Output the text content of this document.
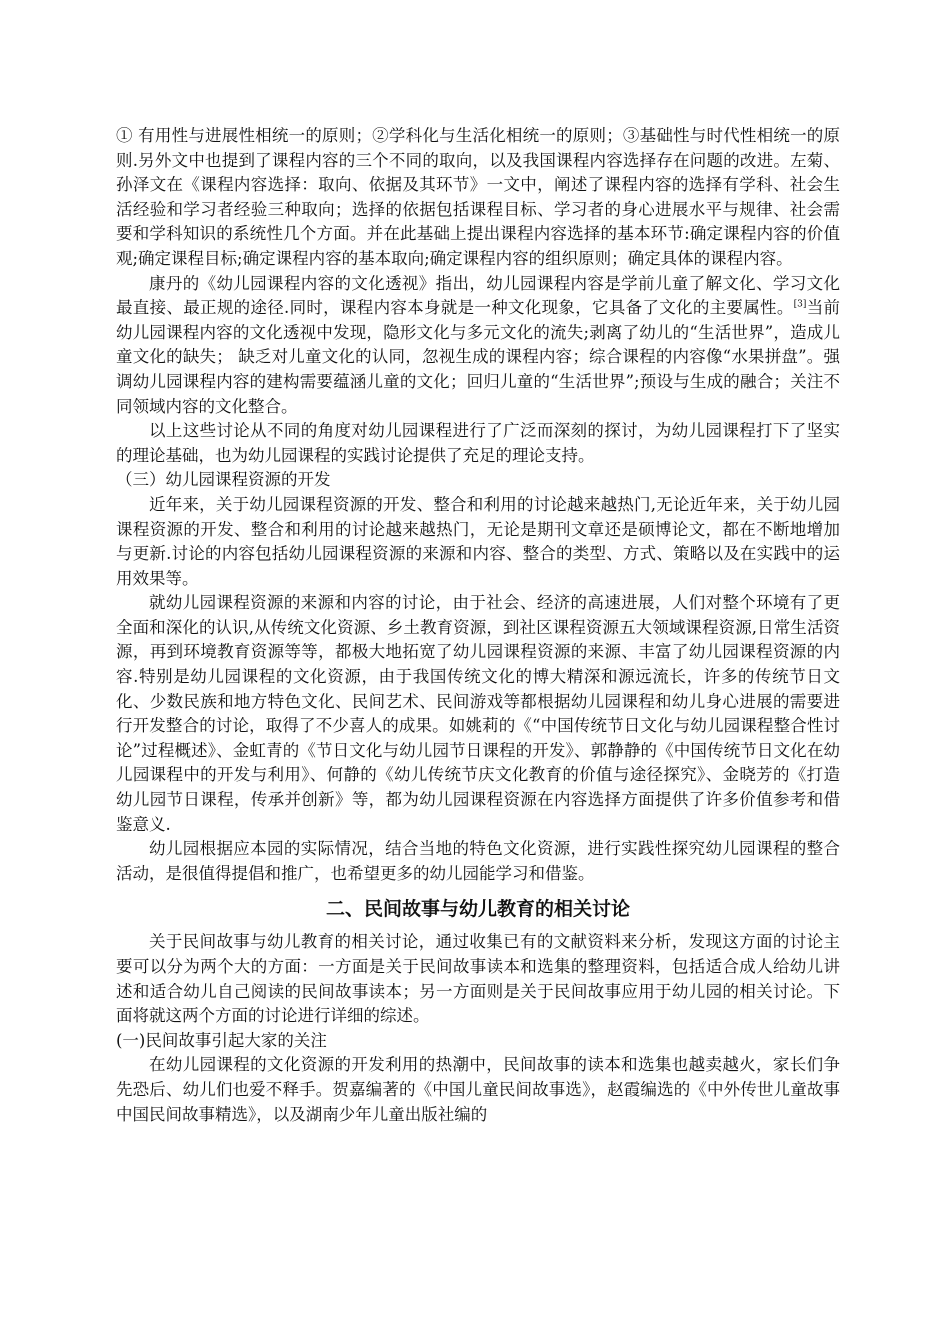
① 有用性与进展性相统一的原则；②学科化与生活化相统一的原则；③基础性与时代性相统一的原则.另外文中也提到了课程内容的三个不同的取向，以及我国课程内容选择存在问题的改进。左菊、孙泽文在《课程内容选择：取向、依据及其环节》一文中，阐述了课程内容的选择有学科、社会生活经验和学习者经验三种取向；选择的依据包括课程目标、学习者的身心进展水平与规律、社会需要和学科知识的系统性几个方面。并在此基础上提出课程内容选择的基本环节:确定课程内容的价值观;确定课程目标;确定课程内容的基本取向;确定课程内容的组织原则；确定具体的课程内容。

康丹的《幼儿园课程内容的文化透视》指出，幼儿园课程内容是学前儿童了解文化、学习文化最直接、最正规的途径.同时，课程内容本身就是一种文化现象，它具备了文化的主要属性。[3]当前幼儿园课程内容的文化透视中发现，隐形文化与多元文化的流失;剥离了幼儿的“生活世界”，造成儿童文化的缺失； 缺乏对儿童文化的认同，忽视生成的课程内容；综合课程的内容像“水果拼盘”。强调幼儿园课程内容的建构需要蕴涵儿童的文化；回归儿童的“生活世界”;预设与生成的融合；关注不同领域内容的文化整合。

以上这些讨论从不同的角度对幼儿园课程进行了广泛而深刻的探讨，为幼儿园课程打下了坚实的理论基础，也为幼儿园课程的实践讨论提供了充足的理论支持。

（三）幼儿园课程资源的开发

近年来，关于幼儿园课程资源的开发、整合和利用的讨论越来越热门,无论近年来，关于幼儿园课程资源的开发、整合和利用的讨论越来越热门，无论是期刊文章还是硕博论文，都在不断地增加与更新.讨论的内容包括幼儿园课程资源的来源和内容、整合的类型、方式、策略以及在实践中的运用效果等。

就幼儿园课程资源的来源和内容的讨论，由于社会、经济的高速进展，人们对整个环境有了更全面和深化的认识,从传统文化资源、乡土教育资源，到社区课程资源五大领域课程资源,日常生活资源，再到环境教育资源等等，都极大地拓宽了幼儿园课程资源的来源、丰富了幼儿园课程资源的内容.特别是幼儿园课程的文化资源，由于我国传统文化的博大精深和源远流长，许多的传统节日文化、少数民族和地方特色文化、民间艺术、民间游戏等都根据幼儿园课程和幼儿身心进展的需要进行开发整合的讨论，取得了不少喜人的成果。如姚莉的《“中国传统节日文化与幼儿园课程整合性讨论”过程概述》、金虹青的《节日文化与幼儿园节日课程的开发》、郭静静的《中国传统节日文化在幼儿园课程中的开发与利用》、何静的《幼儿传统节庆文化教育的价值与途径探究》、金晓芳的《打造幼儿园节日课程，传承并创新》等，都为幼儿园课程资源在内容选择方面提供了许多价值参考和借鉴意义.

幼儿园根据应本园的实际情况，结合当地的特色文化资源，进行实践性探究幼儿园课程的整合活动，是很值得提倡和推广，也希望更多的幼儿园能学习和借鉴。

二、民间故事与幼儿教育的相关讨论

关于民间故事与幼儿教育的相关讨论，通过收集已有的文献资料来分析，发现这方面的讨论主要可以分为两个大的方面：一方面是关于民间故事读本和选集的整理资料，包括适合成人给幼儿讲述和适合幼儿自己阅读的民间故事读本；另一方面则是关于民间故事应用于幼儿园的相关讨论。下面将就这两个方面的讨论进行详细的综述。

(一)民间故事引起大家的关注

在幼儿园课程的文化资源的开发利用的热潮中，民间故事的读本和选集也越卖越火，家长们争先恐后、幼儿们也爱不释手。贺嘉编著的《中国儿童民间故事选》，赵霞编选的《中外传世儿童故事中国民间故事精选》，以及湖南少年儿童出版社编的
